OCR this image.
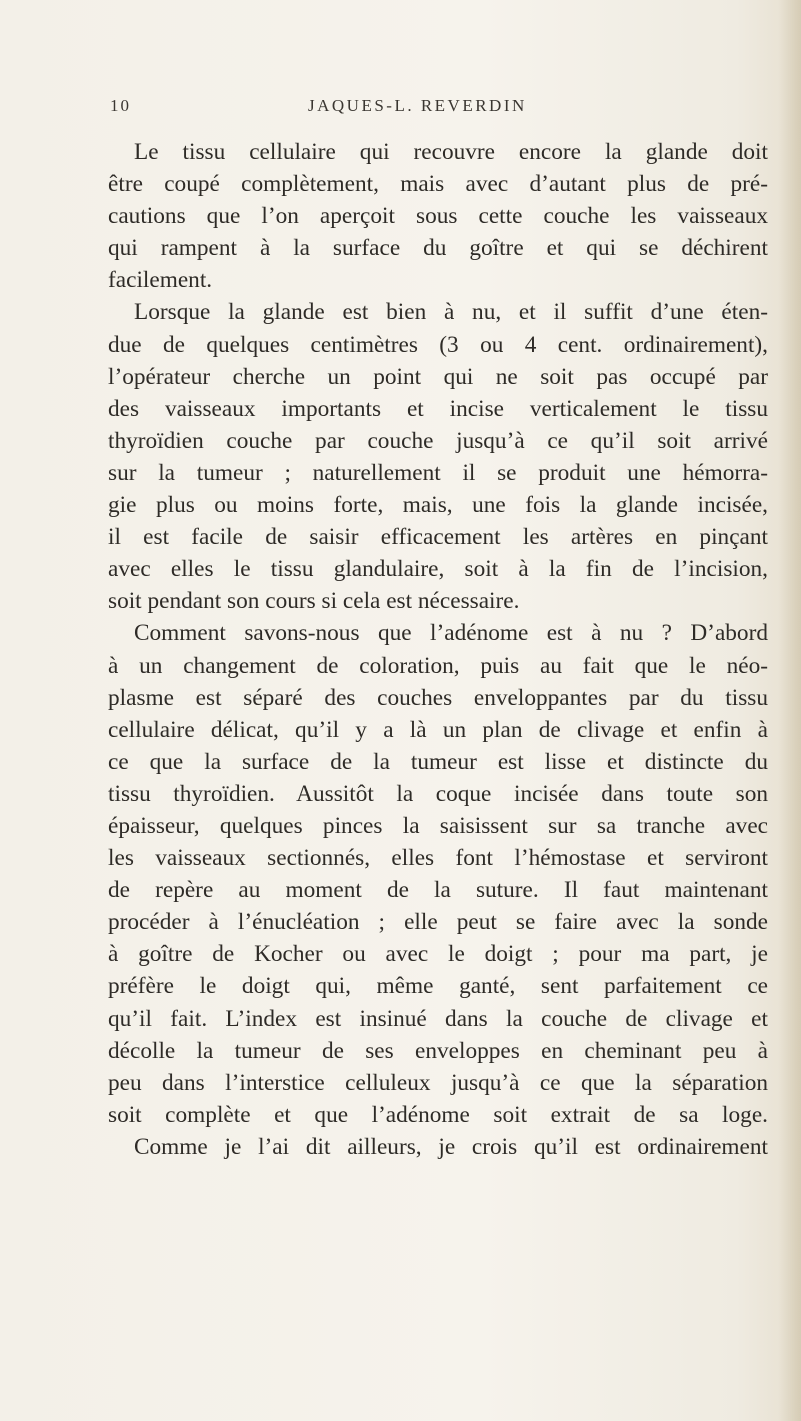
10	JAQUES-L. REVERDIN
Le tissu cellulaire qui recouvre encore la glande doit
être coupé complètement, mais avec d’autant plus de pré-
cautions que l’on aperçoit sous cette couche les vaisseaux
qui rampent à la surface du goître et qui se déchirent
facilement.
Lorsque la glande est bien à nu, et il suffit d’une éten-
due de quelques centimètres (3 ou 4 cent. ordinairement),
l’opérateur cherche un point qui ne soit pas occupé par
des vaisseaux importants et incise verticalement le tissu
thyroïdien couche par couche jusqu’à ce qu’il soit arrivé
sur la tumeur ; naturellement il se produit une hémorra-
gie plus ou moins forte, mais, une fois la glande incisée,
il est facile de saisir efficacement les artères en pinçant
avec elles le tissu glandulaire, soit à la fin de l’incision,
soit pendant son cours si cela est nécessaire.
Comment savons-nous que l’adénome est à nu ? D’abord
à un changement de coloration, puis au fait que le néo-
plasme est séparé des couches enveloppantes par du tissu
cellulaire délicat, qu’il y a là un plan de clivage et enfin à
ce que la surface de la tumeur est lisse et distincte du
tissu thyroïdien. Aussitôt la coque incisée dans toute son
épaisseur, quelques pinces la saisissent sur sa tranche avec
les vaisseaux sectionnés, elles font l’hémostase et serviront
de repère au moment de la suture. Il faut maintenant
procéder à l’énucléation ; elle peut se faire avec la sonde
à goître de Kocher ou avec le doigt ; pour ma part, je
préfère le doigt qui, même ganté, sent parfaitement ce
qu’il fait. L’index est insinué dans la couche de clivage et
décolle la tumeur de ses enveloppes en cheminant peu à
peu dans l’interstice celluleux jusqu’à ce que la séparation
soit complète et que l’adénome soit extrait de sa loge.
Comme je l’ai dit ailleurs, je crois qu’il est ordinairement
